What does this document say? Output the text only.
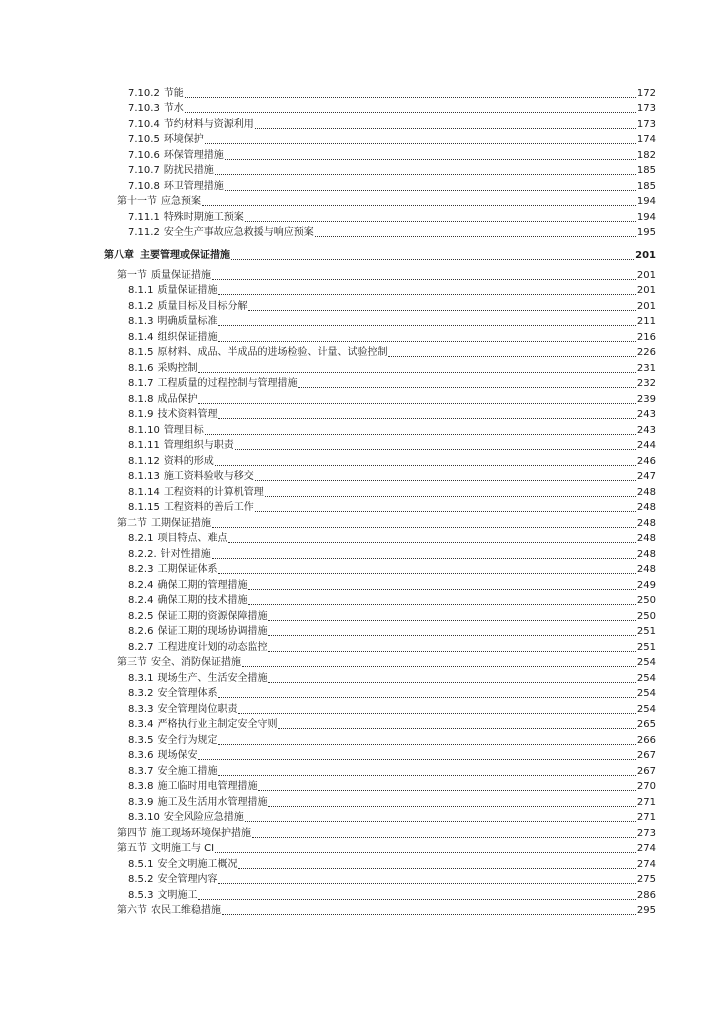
7.10.2 节能	172
7.10.3 节水	173
7.10.4 节约材料与资源利用	173
7.10.5 环境保护	174
7.10.6 环保管理措施	182
7.10.7 防扰民措施	185
7.10.8 环卫管理措施	185
第十一节 应急预案	194
7.11.1 特殊时期施工预案	194
7.11.2 安全生产事故应急救援与响应预案	195
第八章 主要管理或保证措施	201
第一节 质量保证措施	201
8.1.1 质量保证措施	201
8.1.2 质量目标及目标分解	201
8.1.3 明确质量标准	211
8.1.4 组织保证措施	216
8.1.5 原材料、成品、半成品的进场检验、计量、试验控制	226
8.1.6 采购控制	231
8.1.7 工程质量的过程控制与管理措施	232
8.1.8 成品保护	239
8.1.9 技术资料管理	243
8.1.10 管理目标	243
8.1.11 管理组织与职责	244
8.1.12 资料的形成	246
8.1.13 施工资料验收与移交	247
8.1.14 工程资料的计算机管理	248
8.1.15 工程资料的善后工作	248
第二节 工期保证措施	248
8.2.1 项目特点、难点	248
8.2.2. 针对性措施	248
8.2.3 工期保证体系	248
8.2.4 确保工期的管理措施	249
8.2.4 确保工期的技术措施	250
8.2.5 保证工期的资源保障措施	250
8.2.6 保证工期的现场协调措施	251
8.2.7 工程进度计划的动态监控	251
第三节 安全、消防保证措施	254
8.3.1 现场生产、生活安全措施	254
8.3.2 安全管理体系	254
8.3.3 安全管理岗位职责	254
8.3.4 严格执行业主制定安全守则	265
8.3.5 安全行为规定	266
8.3.6 现场保安	267
8.3.7 安全施工措施	267
8.3.8 施工临时用电管理措施	270
8.3.9 施工及生活用水管理措施	271
8.3.10 安全风险应急措施	271
第四节 施工现场环境保护措施	273
第五节 文明施工与 CI	274
8.5.1 安全文明施工概况	274
8.5.2 安全管理内容	275
8.5.3 文明施工	286
第六节 农民工维稳措施	295
